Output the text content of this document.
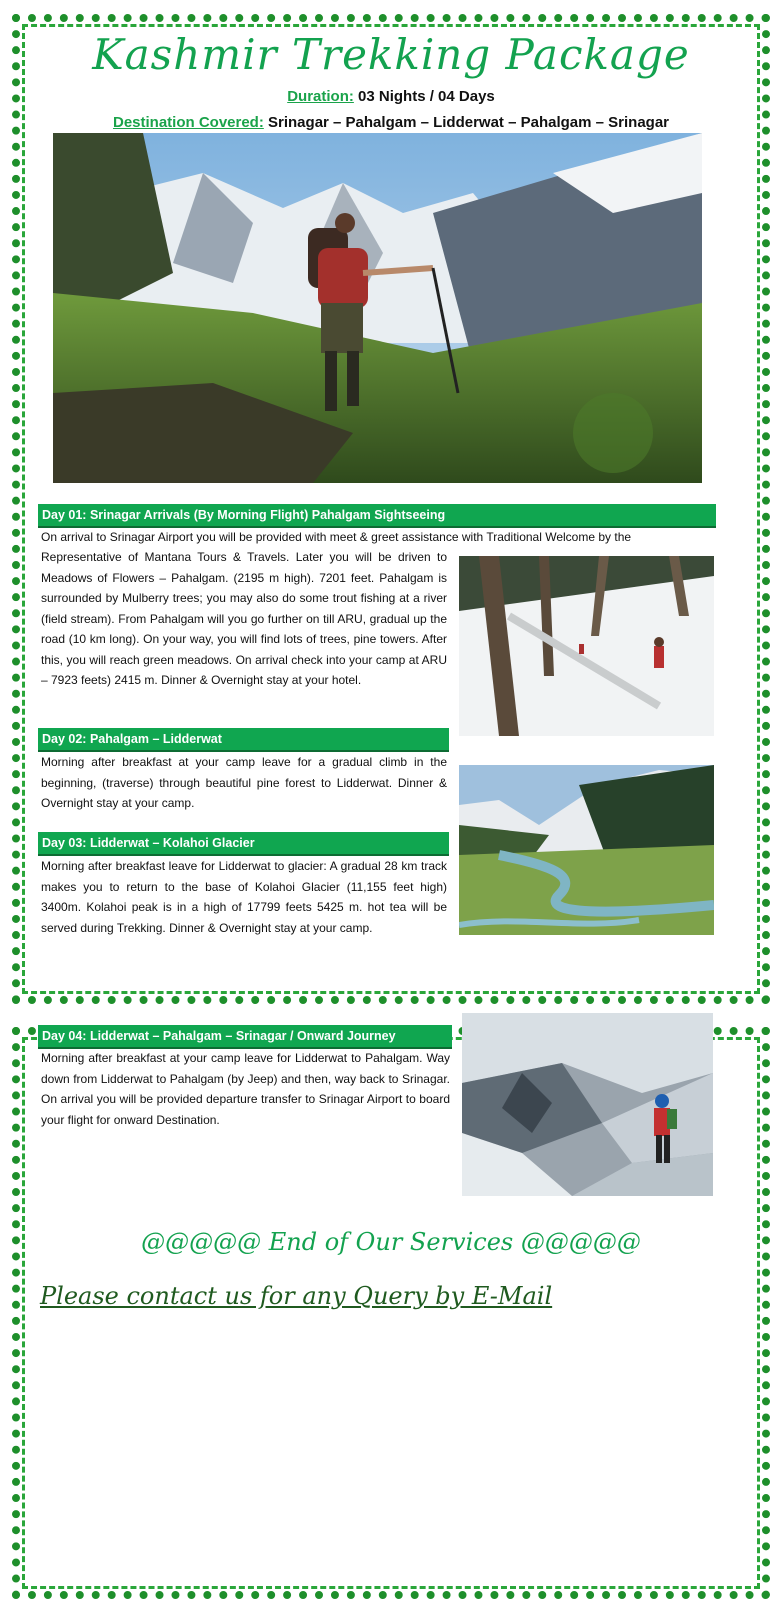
Kashmir Trekking Package
Duration: 03 Nights / 04 Days
Destination Covered: Srinagar – Pahalgam – Lidderwat – Pahalgam – Srinagar
Day 01: Srinagar Arrivals (By Morning Flight) Pahalgam Sightseeing
On arrival to Srinagar Airport you will be provided with meet & greet assistance with Traditional Welcome by the
Representative of Mantana Tours & Travels. Later you will be driven to Meadows of Flowers – Pahalgam. (2195 m high). 7201 feet. Pahalgam is surrounded by Mulberry trees; you may also do some trout fishing at a river (field stream). From Pahalgam will you go further on till ARU, gradual up the road (10 km long). On your way, you will find lots of trees, pine towers. After this, you will reach green meadows. On arrival check into your camp at ARU – 7923 feets) 2415 m. Dinner & Overnight stay at your hotel.
Day 02: Pahalgam – Lidderwat
Morning after breakfast at your camp leave for a gradual climb in the beginning, (traverse) through beautiful pine forest to Lidderwat. Dinner & Overnight stay at your camp.
Day 03: Lidderwat – Kolahoi Glacier
Morning after breakfast leave for Lidderwat to glacier: A gradual 28 km track makes you to return to the base of Kolahoi Glacier (11,155 feet high) 3400m. Kolahoi peak is in a high of 17799 feets 5425 m. hot tea will be served during Trekking. Dinner & Overnight stay at your camp.
Day 04: Lidderwat – Pahalgam – Srinagar / Onward Journey
Morning after breakfast at your camp leave for Lidderwat to Pahalgam. Way down from Lidderwat to Pahalgam (by Jeep) and then, way back to Srinagar. On arrival you will be provided departure transfer to Srinagar Airport to board your flight for onward Destination.
@@@@@ End of Our Services @@@@@
Please contact us for any Query by E-Mail
